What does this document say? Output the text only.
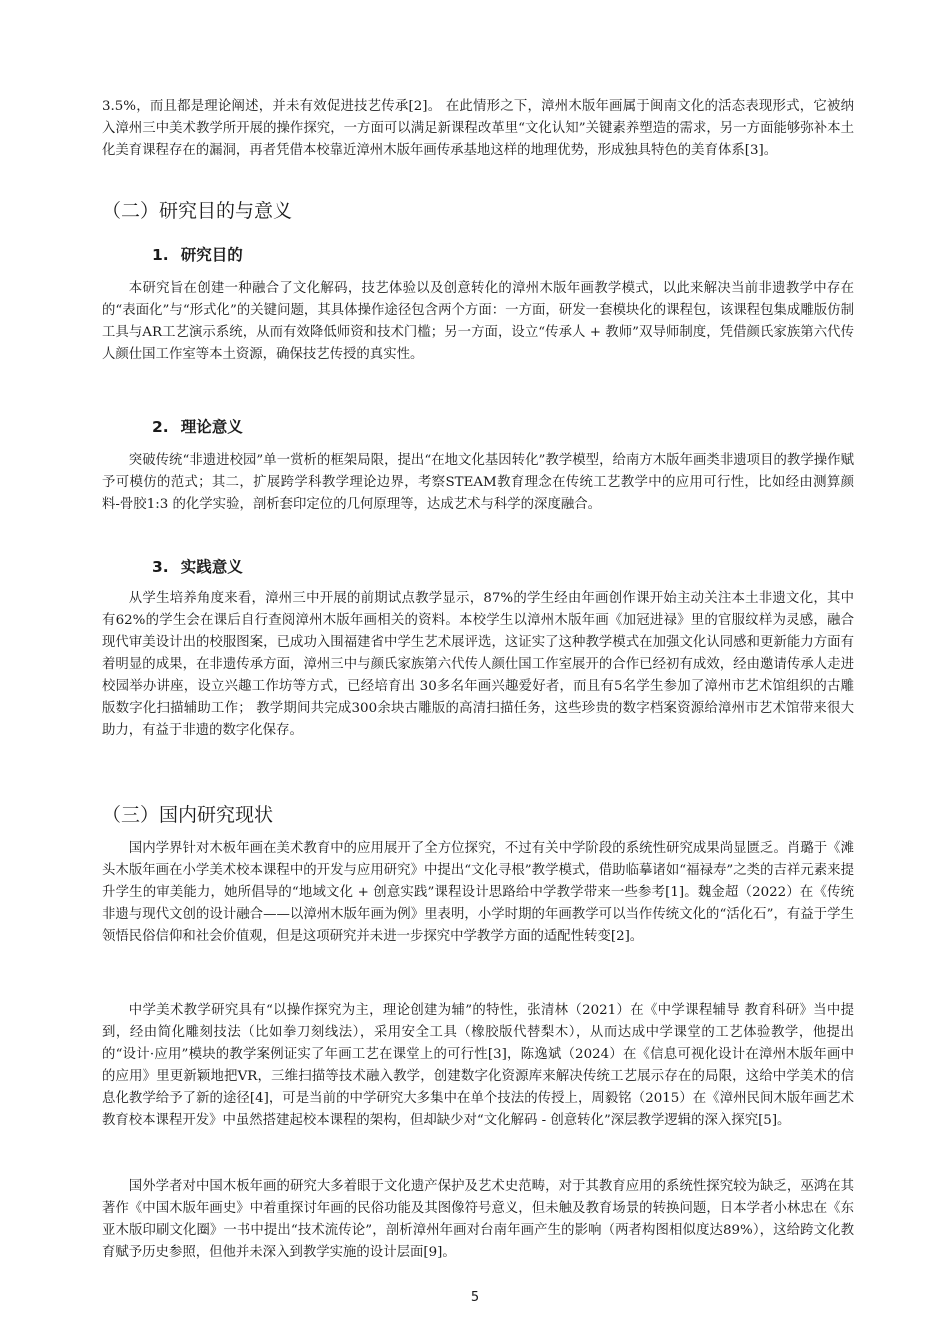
3.5%，而且都是理论阐述，并未有效促进技艺传承[2]。 在此情形之下，漳州木版年画属于闽南文化的活态表现形式，它被纳入漳州三中美术教学所开展的操作探究，一方面可以满足新课程改革里“文化认知”关键素养塑造的需求，另一方面能够弥补本土化美育课程存在的漏洞，再者凭借本校靠近漳州木版年画传承基地这样的地理优势，形成独具特色的美育体系[3]。

（二）研究目的与意义
1. 研究目的

本研究旨在创建一种融合了文化解码，技艺体验以及创意转化的漳州木版年画教学模式，以此来解决当前非遗教学中存在的“表面化”与“形式化”的关键问题，其具体操作途径包含两个方面：一方面，研发一套模块化的课程包，该课程包集成雕版仿制工具与AR工艺演示系统，从而有效降低师资和技术门槛；另一方面，设立“传承人 + 教师”双导师制度，凭借颜氏家族第六代传人颜仕国工作室等本土资源，确保技艺传授的真实性。

2. 理论意义

突破传统“非遗进校园”单一赏析的框架局限，提出“在地文化基因转化”教学模型，给南方木版年画类非遗项目的教学操作赋予可模仿的范式；其二，扩展跨学科教学理论边界，考察STEAM教育理念在传统工艺教学中的应用可行性，比如经由测算颜料-骨胶1:3 的化学实验，剖析套印定位的几何原理等，达成艺术与科学的深度融合。

3. 实践意义

从学生培养角度来看，漳州三中开展的前期试点教学显示，87%的学生经由年画创作课开始主动关注本土非遗文化，其中有62%的学生会在课后自行查阅漳州木版年画相关的资料。本校学生以漳州木版年画《加冠进禄》里的官服纹样为灵感，融合现代审美设计出的校服图案，已成功入围福建省中学生艺术展评选，这证实了这种教学模式在加强文化认同感和更新能力方面有着明显的成果，在非遗传承方面，漳州三中与颜氏家族第六代传人颜仕国工作室展开的合作已经初有成效，经由邀请传承人走进校园举办讲座，设立兴趣工作坊等方式，已经培育出 30多名年画兴趣爱好者，而且有5名学生参加了漳州市艺术馆组织的古雕版数字化扫描辅助工作； 教学期间共完成300余块古雕版的高清扫描任务，这些珍贵的数字档案资源给漳州市艺术馆带来很大助力，有益于非遗的数字化保存。

（三）国内研究现状

国内学界针对木板年画在美术教育中的应用展开了全方位探究，不过有关中学阶段的系统性研究成果尚显匮乏。肖璐于《滩头木版年画在小学美术校本课程中的开发与应用研究》中提出“文化寻根”教学模式，借助临摹诸如“福禄寿”之类的吉祥元素来提升学生的审美能力，她所倡导的“地域文化 + 创意实践”课程设计思路给中学教学带来一些参考[1]。魏金超（2022）在《传统非遗与现代文创的设计融合——以漳州木版年画为例》里表明，小学时期的年画教学可以当作传统文化的“活化石”，有益于学生领悟民俗信仰和社会价值观，但是这项研究并未进一步探究中学教学方面的适配性转变[2]。

中学美术教学研究具有“以操作探究为主，理论创建为辅”的特性，张清林（2021）在《中学课程辅导 教育科研》当中提到，经由简化雕刻技法（比如拳刀刻线法），采用安全工具（橡胶版代替梨木），从而达成中学课堂的工艺体验教学，他提出的“设计·应用”模块的教学案例证实了年画工艺在课堂上的可行性[3]，陈逸斌（2024）在《信息可视化设计在漳州木版年画中的应用》里更新颖地把VR，三维扫描等技术融入教学，创建数字化资源库来解决传统工艺展示存在的局限，这给中学美术的信息化教学给予了新的途径[4]，可是当前的中学研究大多集中在单个技法的传授上，周毅铭（2015）在《漳州民间木版年画艺术教育校本课程开发》中虽然搭建起校本课程的架构，但却缺少对“文化解码 - 创意转化”深层教学逻辑的深入探究[5]。

国外学者对中国木板年画的研究大多着眼于文化遗产保护及艺术史范畴，对于其教育应用的系统性探究较为缺乏，巫鸿在其著作《中国木版年画史》中着重探讨年画的民俗功能及其图像符号意义，但未触及教育场景的转换问题，日本学者小林忠在《东亚木版印刷文化圈》一书中提出“技术流传论”，剖析漳州年画对台南年画产生的影响（两者构图相似度达89%），这给跨文化教育赋予历史参照，但他并未深入到教学实施的设计层面[9]。

5
